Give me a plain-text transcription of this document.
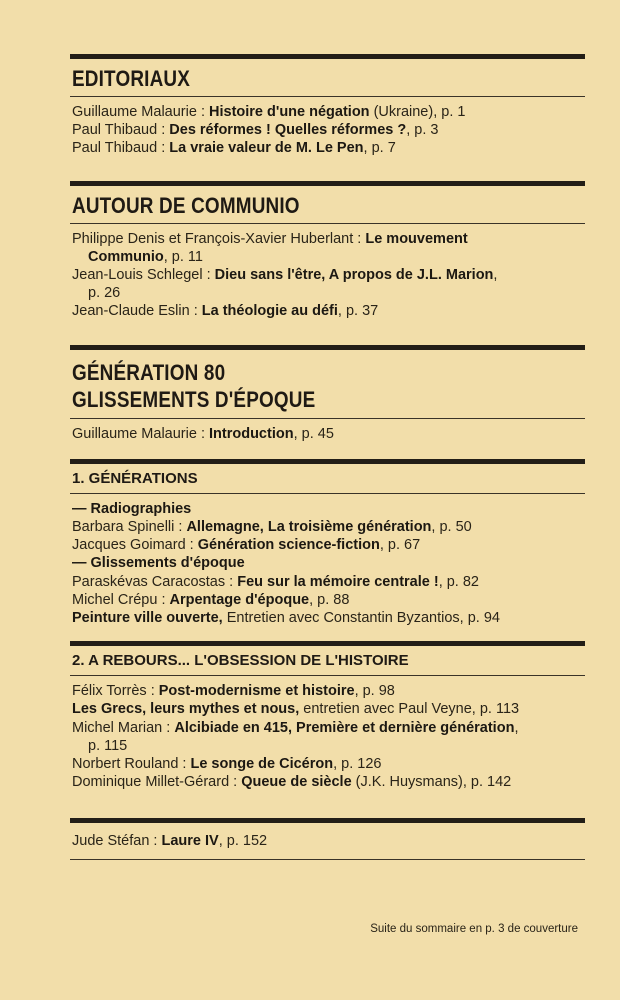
EDITORIAUX
Guillaume Malaurie : Histoire d'une négation (Ukraine), p. 1
Paul Thibaud : Des réformes ! Quelles réformes ?, p. 3
Paul Thibaud : La vraie valeur de M. Le Pen, p. 7
AUTOUR DE COMMUNIO
Philippe Denis et François-Xavier Huberlant : Le mouvement
Communio, p. 11
Jean-Louis Schlegel : Dieu sans l'être, A propos de J.L. Marion,
p. 26
Jean-Claude Eslin : La théologie au défi, p. 37
GÉNÉRATION 80
GLISSEMENTS D'ÉPOQUE
Guillaume Malaurie : Introduction, p. 45
1. GÉNÉRATIONS
— Radiographies
Barbara Spinelli : Allemagne, La troisième génération, p. 50
Jacques Goimard : Génération science-fiction, p. 67
— Glissements d'époque
Paraskévas Caracostas : Feu sur la mémoire centrale !, p. 82
Michel Crépu : Arpentage d'époque, p. 88
Peinture ville ouverte, Entretien avec Constantin Byzantios, p. 94
2. A REBOURS... L'OBSESSION DE L'HISTOIRE
Félix Torrès : Post-modernisme et histoire, p. 98
Les Grecs, leurs mythes et nous, entretien avec Paul Veyne, p. 113
Michel Marian : Alcibiade en 415, Première et dernière génération,
p. 115
Norbert Rouland : Le songe de Cicéron, p. 126
Dominique Millet-Gérard : Queue de siècle (J.K. Huysmans), p. 142
Jude Stéfan : Laure IV, p. 152
Suite du sommaire en p. 3 de couverture
